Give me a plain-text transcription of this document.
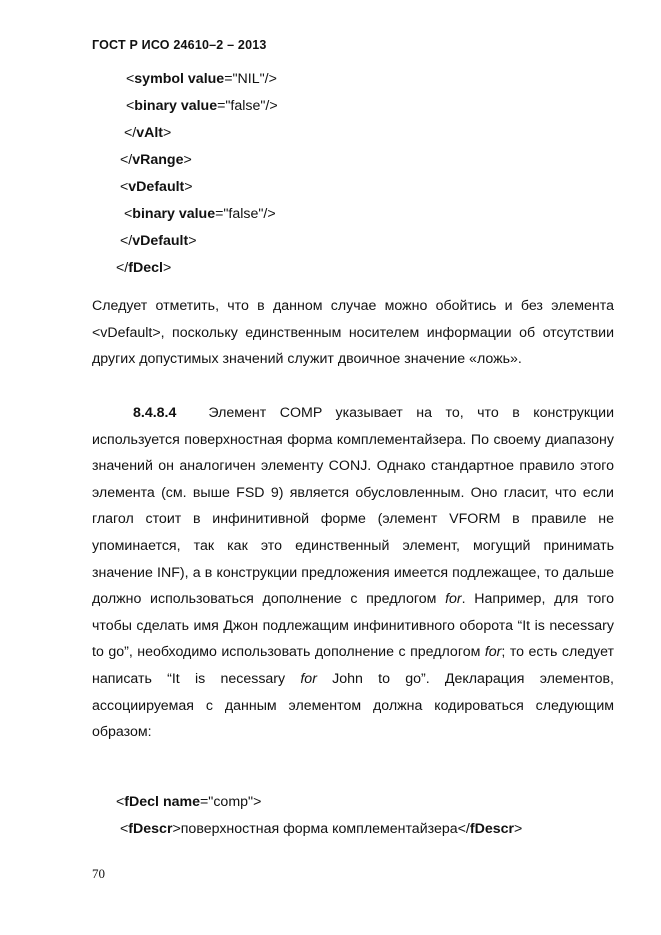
ГОСТ Р ИСО 24610–2 – 2013
<symbol value="NIL"/>
<binary value="false"/>
</vAlt>
</vRange>
<vDefault>
<binary value="false"/>
</vDefault>
</fDecl>
Следует отметить, что в данном случае можно обойтись и без элемента <vDefault>, поскольку единственным носителем информации об отсутствии других допустимых значений служит двоичное значение «ложь».
8.4.8.4 Элемент COMP указывает на то, что в конструкции используется поверхностная форма комплементайзера. По своему диапазону значений он аналогичен элементу CONJ. Однако стандартное правило этого элемента (см. выше FSD 9) является обусловленным. Оно гласит, что если глагол стоит в инфинитивной форме (элемент VFORM в правиле не упоминается, так как это единственный элемент, могущий принимать значение INF), а в конструкции предложения имеется подлежащее, то дальше должно использоваться дополнение с предлогом for. Например, для того чтобы сделать имя Джон подлежащим инфинитивного оборота “It is necessary to go”, необходимо использовать дополнение с предлогом for; то есть следует написать “It is necessary for John to go”. Декларация элементов, ассоциируемая с данным элементом должна кодироваться следующим образом:
<fDecl name="comp">
<fDescr>поверхностная форма комплементайзера</fDescr>
70
